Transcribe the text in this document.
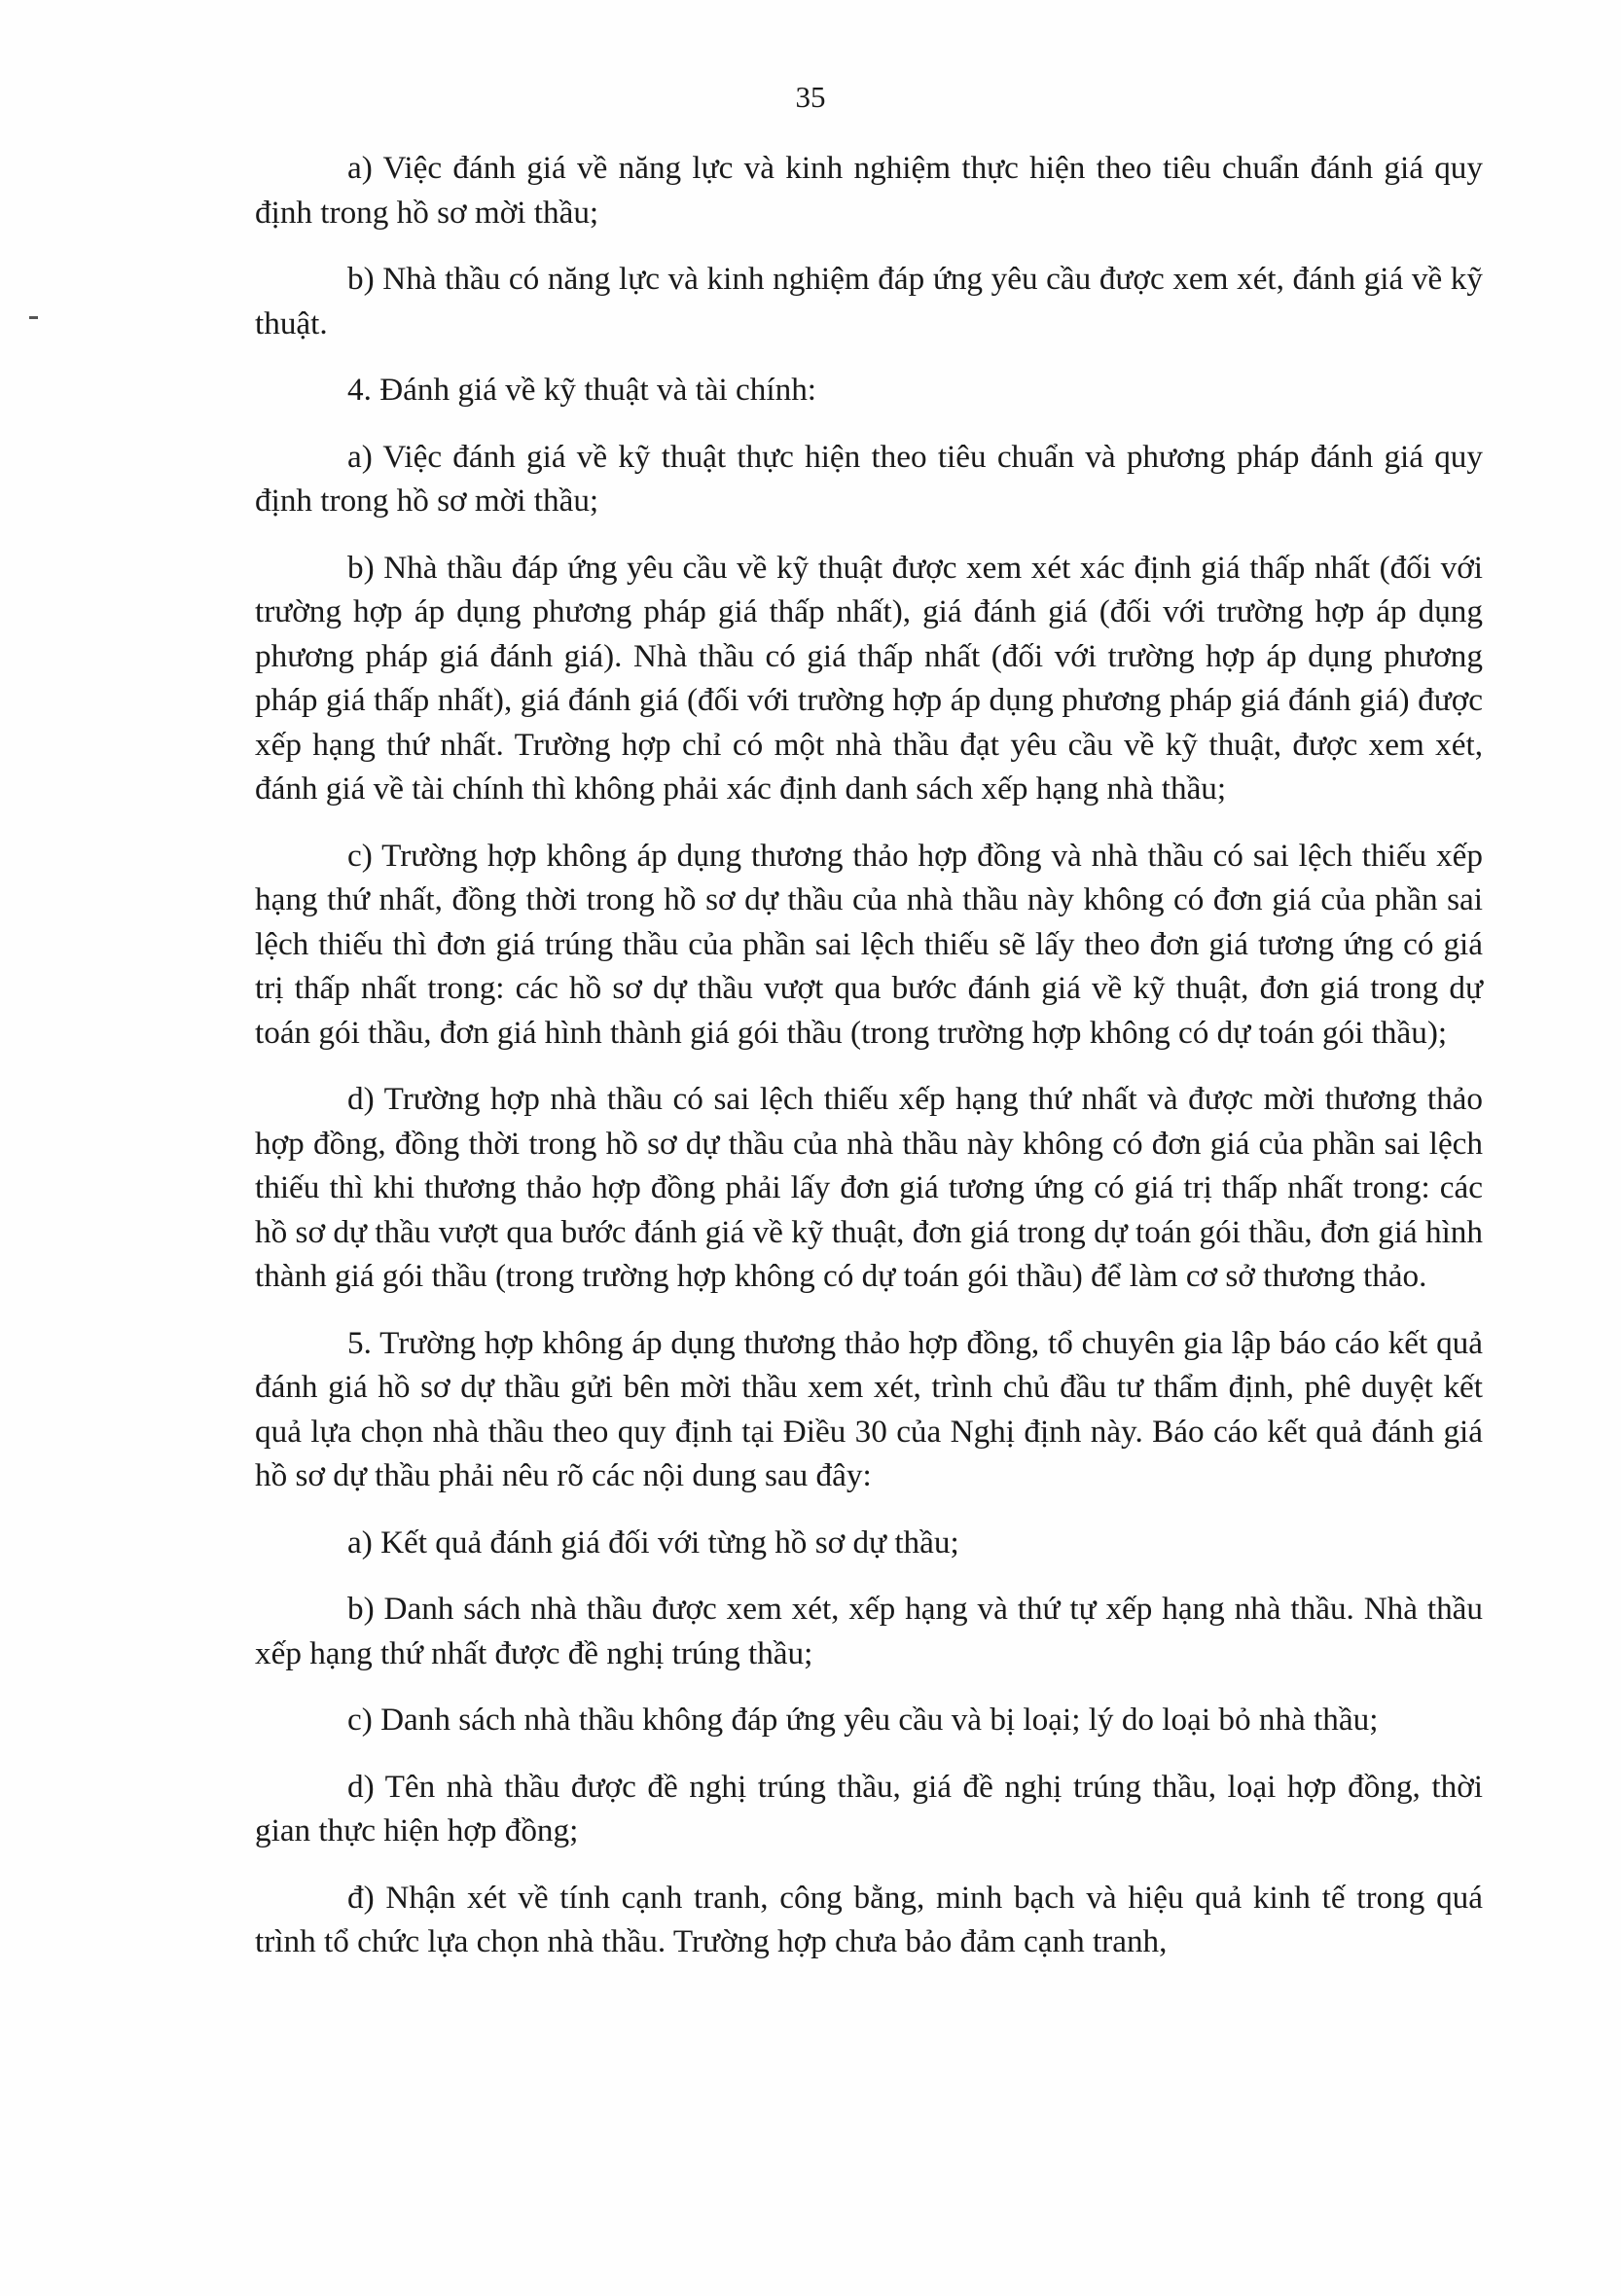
35

a) Việc đánh giá về năng lực và kinh nghiệm thực hiện theo tiêu chuẩn đánh giá quy định trong hồ sơ mời thầu;

b) Nhà thầu có năng lực và kinh nghiệm đáp ứng yêu cầu được xem xét, đánh giá về kỹ thuật.

4. Đánh giá về kỹ thuật và tài chính:

a) Việc đánh giá về kỹ thuật thực hiện theo tiêu chuẩn và phương pháp đánh giá quy định trong hồ sơ mời thầu;

b) Nhà thầu đáp ứng yêu cầu về kỹ thuật được xem xét xác định giá thấp nhất (đối với trường hợp áp dụng phương pháp giá thấp nhất), giá đánh giá (đối với trường hợp áp dụng phương pháp giá đánh giá). Nhà thầu có giá thấp nhất (đối với trường hợp áp dụng phương pháp giá thấp nhất), giá đánh giá (đối với trường hợp áp dụng phương pháp giá đánh giá) được xếp hạng thứ nhất. Trường hợp chỉ có một nhà thầu đạt yêu cầu về kỹ thuật, được xem xét, đánh giá về tài chính thì không phải xác định danh sách xếp hạng nhà thầu;

c) Trường hợp không áp dụng thương thảo hợp đồng và nhà thầu có sai lệch thiếu xếp hạng thứ nhất, đồng thời trong hồ sơ dự thầu của nhà thầu này không có đơn giá của phần sai lệch thiếu thì đơn giá trúng thầu của phần sai lệch thiếu sẽ lấy theo đơn giá tương ứng có giá trị thấp nhất trong: các hồ sơ dự thầu vượt qua bước đánh giá về kỹ thuật, đơn giá trong dự toán gói thầu, đơn giá hình thành giá gói thầu (trong trường hợp không có dự toán gói thầu);

d) Trường hợp nhà thầu có sai lệch thiếu xếp hạng thứ nhất và được mời thương thảo hợp đồng, đồng thời trong hồ sơ dự thầu của nhà thầu này không có đơn giá của phần sai lệch thiếu thì khi thương thảo hợp đồng phải lấy đơn giá tương ứng có giá trị thấp nhất trong: các hồ sơ dự thầu vượt qua bước đánh giá về kỹ thuật, đơn giá trong dự toán gói thầu, đơn giá hình thành giá gói thầu (trong trường hợp không có dự toán gói thầu) để làm cơ sở thương thảo.

5. Trường hợp không áp dụng thương thảo hợp đồng, tổ chuyên gia lập báo cáo kết quả đánh giá hồ sơ dự thầu gửi bên mời thầu xem xét, trình chủ đầu tư thẩm định, phê duyệt kết quả lựa chọn nhà thầu theo quy định tại Điều 30 của Nghị định này. Báo cáo kết quả đánh giá hồ sơ dự thầu phải nêu rõ các nội dung sau đây:

a) Kết quả đánh giá đối với từng hồ sơ dự thầu;

b) Danh sách nhà thầu được xem xét, xếp hạng và thứ tự xếp hạng nhà thầu. Nhà thầu xếp hạng thứ nhất được đề nghị trúng thầu;

c) Danh sách nhà thầu không đáp ứng yêu cầu và bị loại; lý do loại bỏ nhà thầu;

d) Tên nhà thầu được đề nghị trúng thầu, giá đề nghị trúng thầu, loại hợp đồng, thời gian thực hiện hợp đồng;

đ) Nhận xét về tính cạnh tranh, công bằng, minh bạch và hiệu quả kinh tế trong quá trình tổ chức lựa chọn nhà thầu. Trường hợp chưa bảo đảm cạnh tranh,
